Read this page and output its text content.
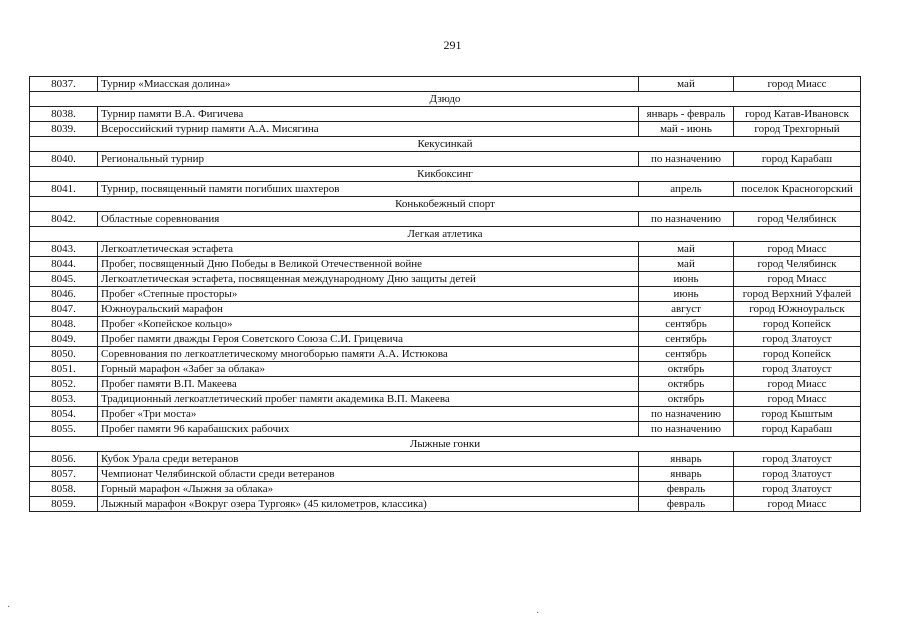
291
8037.	Турнир «Миасская долина»	май	город Миасс
Дзюдо			
8038.	Турнир памяти В.А. Фигичева	январь - февраль	город Катав-Ивановск
8039.	Всероссийский турнир памяти А.А. Мисягина	май - июнь	город Трехгорный
Кекусинкай			
8040.	Региональный турнир	по назначению	город Карабаш
Кикбоксинг			
8041.	Турнир, посвященный памяти погибших шахтеров	апрель	поселок Красногорский
Конькобежный спорт			
8042.	Областные соревнования	по назначению	город Челябинск
Легкая атлетика			
8043.	Легкоатлетическая эстафета	май	город Миасс
8044.	Пробег, посвященный Дню Победы в Великой Отечественной войне	май	город Челябинск
8045.	Легкоатлетическая эстафета, посвященная международному Дню защиты детей	июнь	город Миасс
8046.	Пробег «Степные просторы»	июнь	город Верхний Уфалей
8047.	Южноуральский марафон	август	город Южноуральск
8048.	Пробег «Копейское кольцо»	сентябрь	город Копейск
8049.	Пробег памяти дважды Героя Советского Союза С.И. Грицевича	сентябрь	город Златоуст
8050.	Соревнования по легкоатлетическому многоборью памяти А.А. Истюкова	сентябрь	город Копейск
8051.	Горный марафон «Забег за облака»	октябрь	город Златоуст
8052.	Пробег памяти В.П. Макеева	октябрь	город Миасс
8053.	Традиционный легкоатлетический пробег памяти академика В.П. Макеева	октябрь	город Миасс
8054.	Пробег «Три моста»	по назначению	город Кыштым
8055.	Пробег памяти 96 карабашских рабочих	по назначению	город Карабаш
Лыжные гонки			
8056.	Кубок Урала среди ветеранов	январь	город Златоуст
8057.	Чемпионат Челябинской области среди ветеранов	январь	город Златоуст
8058.	Горный марафон «Лыжня за облака»	февраль	город Златоуст
8059.	Лыжный марафон «Вокруг озера Тургояк» (45 километров, классика)	февраль	город Миасс
·
·
